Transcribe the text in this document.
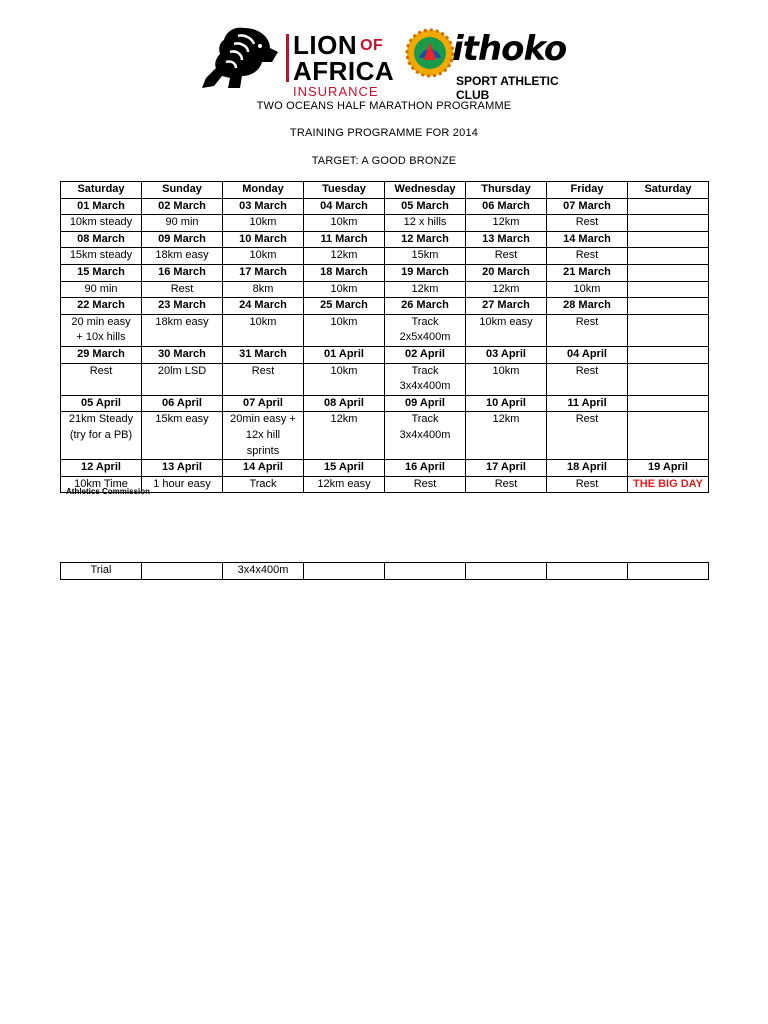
LION OF
AFRICA
INSURANCE
ithoko
SPORT ATHLETIC CLUB
TWO OCEANS HALF MARATHON PROGRAMME
TRAINING PROGRAMME FOR 2014
TARGET: A GOOD BRONZE
Saturday	Sunday	Monday	Tuesday	Wednesday	Thursday	Friday	Saturday
01 March	02 March	03 March	04 March	05 March	06 March	07 March	
10km steady	90 min	10km	10km	12 x hills	12km	Rest	
08 March	09 March	10 March	11 March	12 March	13 March	14 March	
15km steady	18km easy	10km	12km	15km	Rest	Rest	
15 March	16 March	17 March	18 March	19 March	20 March	21 March	
90 min	Rest	8km	10km	12km	12km	10km	
22 March	23 March	24 March	25 March	26 March	27 March	28 March	
20 min easy
+ 10x hills	18km easy	10km	10km	Track
2x5x400m	10km easy	Rest	
29 March	30 March	31 March	01 April	02 April	03 April	04 April	
Rest	20lm LSD	Rest	10km	Track
3x4x400m	10km	Rest	
05 April	06 April	07 April	08 April	09 April	10 April	11 April	
21km Steady
(try for a PB)	15km easy	20min easy +
12x hill
sprints	12km	Track
3x4x400m	12km	Rest	
12 April	13 April	14 April	15 April	16 April	17 April	18 April	19 April
10km Time	1 hour easy	Track	12km easy	Rest	Rest	Rest	THE BIG DAY
Athletics Commission
Trial		3x4x400m					
